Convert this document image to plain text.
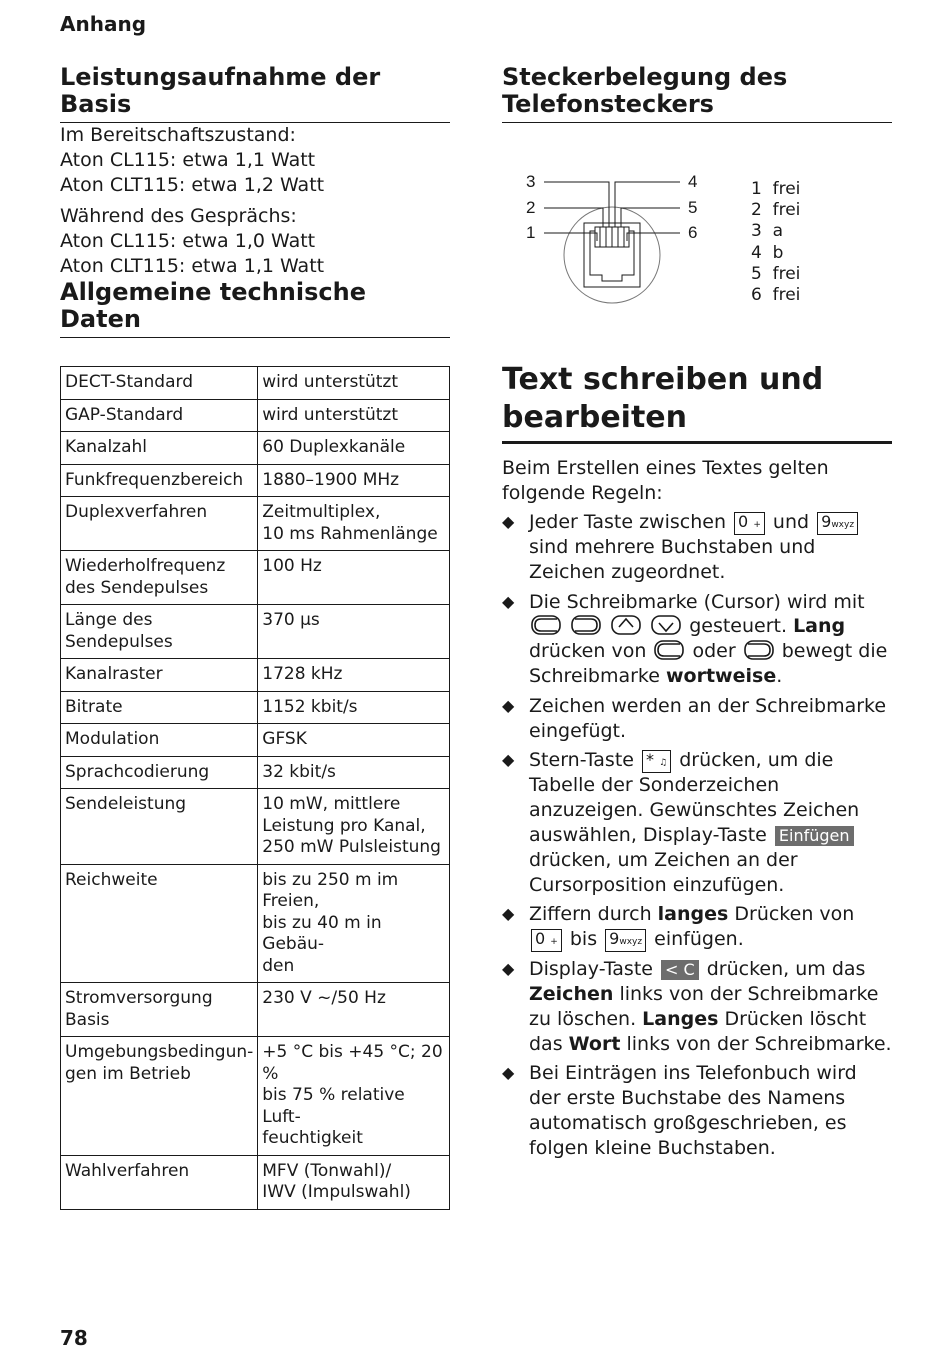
Anhang
Leistungsaufnahme der Basis

Im Bereitschaftszustand:

Aton CL115: etwa 1,1 Watt

Aton CLT115: etwa 1,2 Watt

Während des Gesprächs:

Aton CL115: etwa 1,0 Watt

Aton CLT115: etwa 1,1 Watt

Allgemeine technische Daten
DECT-Standard	wird unterstützt
GAP-Standard	wird unterstützt
Kanalzahl	60 Duplexkanäle
Funkfrequenzbereich	1880–1900 MHz
Duplexverfahren	Zeitmultiplex,
10 ms Rahmenlänge
Wiederholfrequenz des Sendepulses	100 Hz
Länge des Sendepulses	370 µs
Kanalraster	1728 kHz
Bitrate	1152 kbit/s
Modulation	GFSK
Sprachcodierung	32 kbit/s
Sendeleistung	10 mW, mittlere
Leistung pro Kanal,
250 mW Pulsleistung
Reichweite	bis zu 250 m im Freien,
bis zu 40 m in Gebäu-
den
Stromversorgung Basis	230 V ~/50 Hz
Umgebungsbedingun-
gen im Betrieb	+5 °C bis +45 °C; 20 %
bis 75 % relative Luft-
feuchtigkeit
Wahlverfahren	MFV (Tonwahl)/
IWV (Impulswahl)
Steckerbelegung des
Telefonsteckers
3
2
1
4
5
6
1  frei
2  frei
3  a
4  b
5  frei
6  frei
Text schreiben und
bearbeiten
Beim Erstellen eines Textes gelten folgende Regeln:
◆ Jeder Taste zwischen 0 + und 9wxyz sind mehrere Buchstaben und Zeichen zugeordnet.
◆ Die Schreibmarke (Cursor) wird mit     gesteuert. Lang drücken von oder bewegt die Schreibmarke wortweise.
◆ Zeichen werden an der Schreibmarke eingefügt.
◆ Stern-Taste * ♫ drücken, um die Tabelle der Sonderzeichen anzuzeigen. Gewünschtes Zeichen auswählen, Display-Taste Einfügen drücken, um Zeichen an der Cursorposition einzufügen.
◆ Ziffern durch langes Drücken von 0 + bis 9wxyz einfügen.
◆ Display-Taste < C drücken, um das Zeichen links von der Schreibmarke zu löschen. Langes Drücken löscht das Wort links von der Schreibmarke.
◆ Bei Einträgen ins Telefonbuch wird der erste Buchstabe des Namens automatisch großgeschrieben, es folgen kleine Buchstaben.
78
